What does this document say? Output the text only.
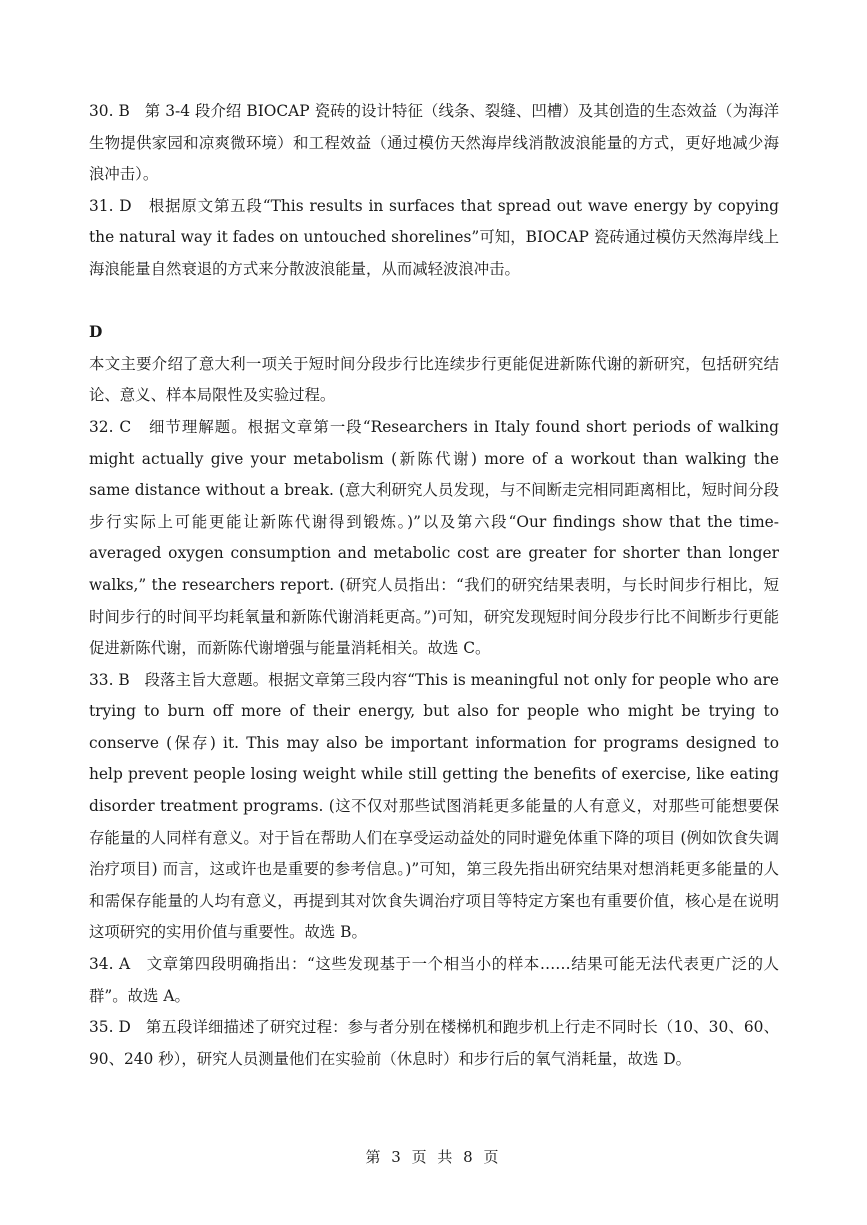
30. B 第 3-4 段介绍 BIOCAP 瓷砖的设计特征（线条、裂缝、凹槽）及其创造的生态效益（为海洋生物提供家园和凉爽微环境）和工程效益（通过模仿天然海岸线消散波浪能量的方式，更好地减少海浪冲击）。

31. D 根据原文第五段“This results in surfaces that spread out wave energy by copying the natural way it fades on untouched shorelines”可知，BIOCAP 瓷砖通过模仿天然海岸线上海浪能量自然衰退的方式来分散波浪能量，从而减轻波浪冲击。

D

本文主要介绍了意大利一项关于短时间分段步行比连续步行更能促进新陈代谢的新研究，包括研究结论、意义、样本局限性及实验过程。

32. C 细节理解题。根据文章第一段“Researchers in Italy found short periods of walking might actually give your metabolism (新陈代谢) more of a workout than walking the same distance without a break. (意大利研究人员发现，与不间断走完相同距离相比，短时间分段步行实际上可能更能让新陈代谢得到锻炼。)”以及第六段“Our findings show that the time-averaged oxygen consumption and metabolic cost are greater for shorter than longer walks,” the researchers report. (研究人员指出：“我们的研究结果表明，与长时间步行相比，短时间步行的时间平均耗氧量和新陈代谢消耗更高。”)可知，研究发现短时间分段步行比不间断步行更能促进新陈代谢，而新陈代谢增强与能量消耗相关。故选 C。

33. B 段落主旨大意题。根据文章第三段内容“This is meaningful not only for people who are trying to burn off more of their energy, but also for people who might be trying to conserve (保存) it. This may also be important information for programs designed to help prevent people losing weight while still getting the benefits of exercise, like eating disorder treatment programs. (这不仅对那些试图消耗更多能量的人有意义，对那些可能想要保存能量的人同样有意义。对于旨在帮助人们在享受运动益处的同时避免体重下降的项目 (例如饮食失调治疗项目) 而言，这或许也是重要的参考信息。)”可知，第三段先指出研究结果对想消耗更多能量的人和需保存能量的人均有意义，再提到其对饮食失调治疗项目等特定方案也有重要价值，核心是在说明这项研究的实用价值与重要性。故选 B。

34. A 文章第四段明确指出：“这些发现基于一个相当小的样本……结果可能无法代表更广泛的人群”。故选 A。

35. D 第五段详细描述了研究过程：参与者分别在楼梯机和跑步机上行走不同时长（10、30、60、90、240 秒），研究人员测量他们在实验前（休息时）和步行后的氧气消耗量，故选 D。

第 3 页 共 8 页
